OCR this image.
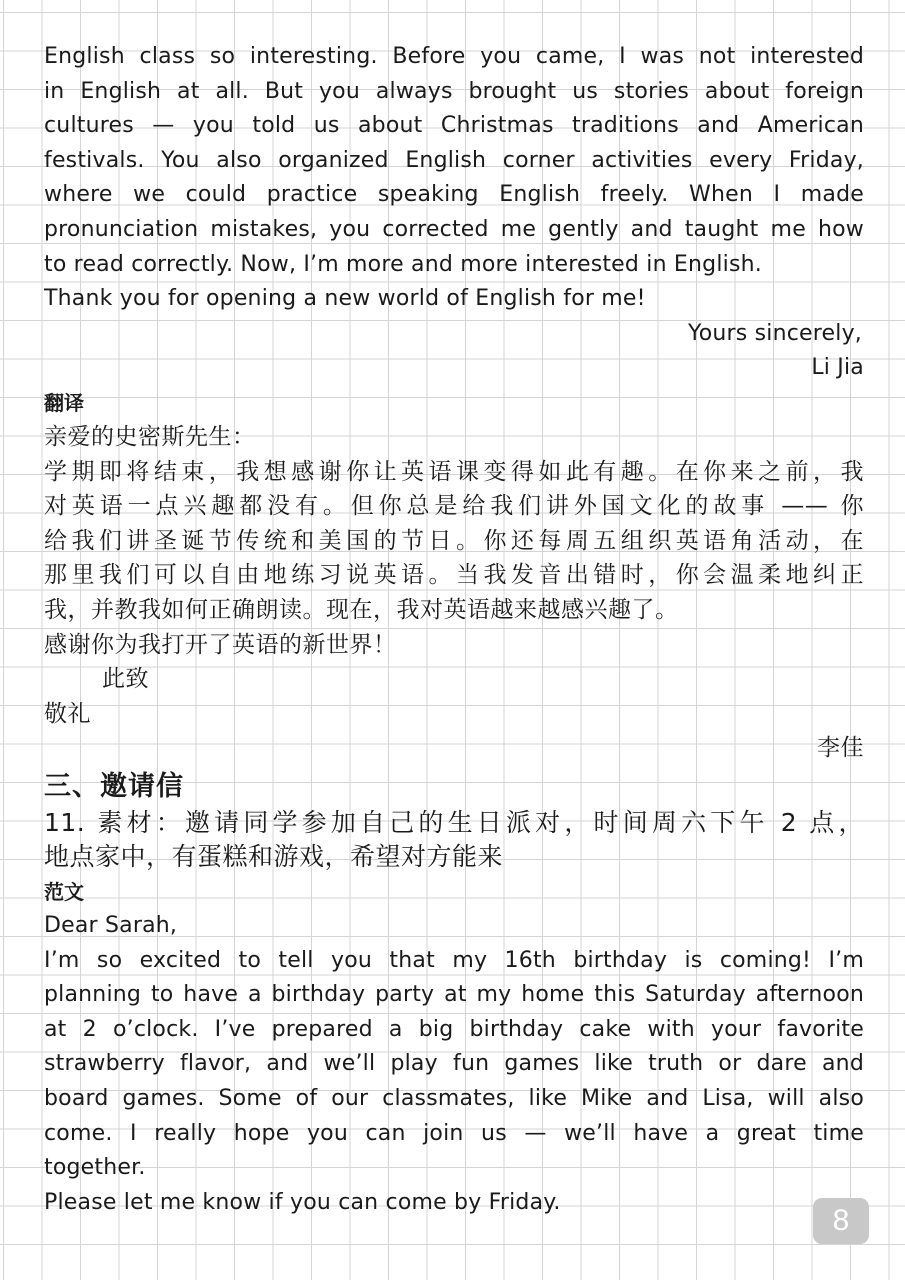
English class so interesting. Before you came, I was not interested

in English at all. But you always brought us stories about foreign

cultures — you told us about Christmas traditions and American

festivals. You also organized English corner activities every Friday,

where we could practice speaking English freely. When I made

pronunciation mistakes, you corrected me gently and taught me how

to read correctly. Now, I’m more and more interested in English.

Thank you for opening a new world of English for me!

Yours sincerely,

Li Jia

翻译

亲爱的史密斯先生：

学期即将结束，我想感谢你让英语课变得如此有趣。在你来之前，我

对英语一点兴趣都没有。但你总是给我们讲外国文化的故事 —— 你

给我们讲圣诞节传统和美国的节日。你还每周五组织英语角活动，在

那里我们可以自由地练习说英语。当我发音出错时，你会温柔地纠正

我，并教我如何正确朗读。现在，我对英语越来越感兴趣了。

感谢你为我打开了英语的新世界！

此致

敬礼

李佳

三、邀请信

11. 素材：邀请同学参加自己的生日派对，时间周六下午 2 点，

地点家中，有蛋糕和游戏，希望对方能来

范文

Dear Sarah,

I’m so excited to tell you that my 16th birthday is coming! I’m

planning to have a birthday party at my home this Saturday afternoon

at 2 o’clock. I’ve prepared a big birthday cake with your favorite

strawberry flavor, and we’ll play fun games like truth or dare and

board games. Some of our classmates, like Mike and Lisa, will also

come. I really hope you can join us — we’ll have a great time

together.

Please let me know if you can come by Friday.

8
